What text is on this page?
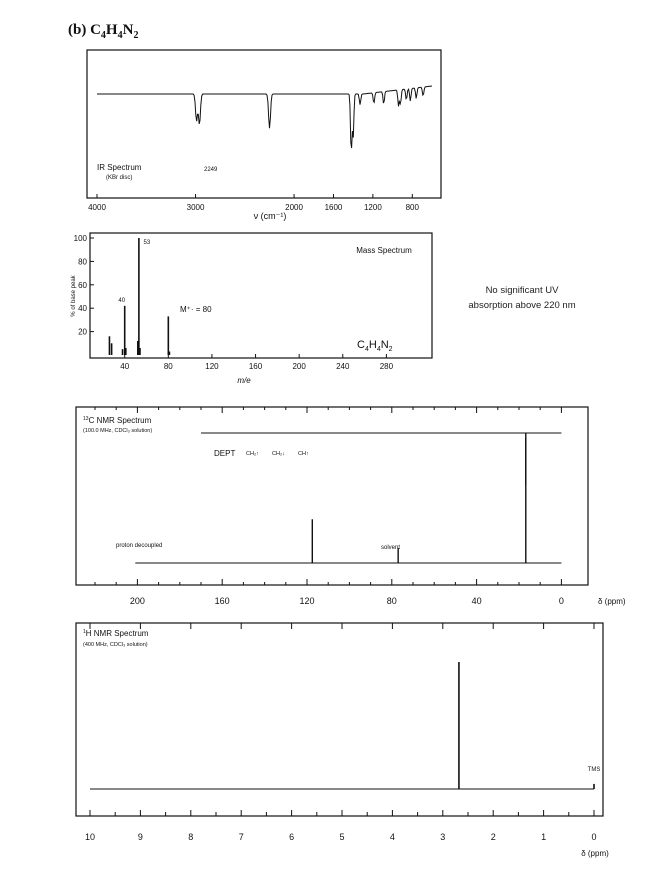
(b) $C_4H_4N_2$
No significant UV
absorption above 220 nm
IR Spectrum
(KBr disc)
2249
4000	3000	2000	1600	1200	800
ν (cm⁻¹)
40	80	120	160	200	240	280
20
40
60
80
100
Mass Spectrum
m/e
% of base peak
53
40
M⁺· = 80
$C_4H_4N_2$
200	160	120	80	40	0
$^{13}$C NMR Spectrum
(100.0 MHz, CDCl₃ solution)
DEPT CH₂↑ CH₂↓ CH↑
proton decoupled	solvent
δ (ppm)
10	9	8	7	6	5	4	3	2	1	0
$^1$H NMR Spectrum
(400 MHz, CDCl₃ solution)
TMS
δ (ppm)
